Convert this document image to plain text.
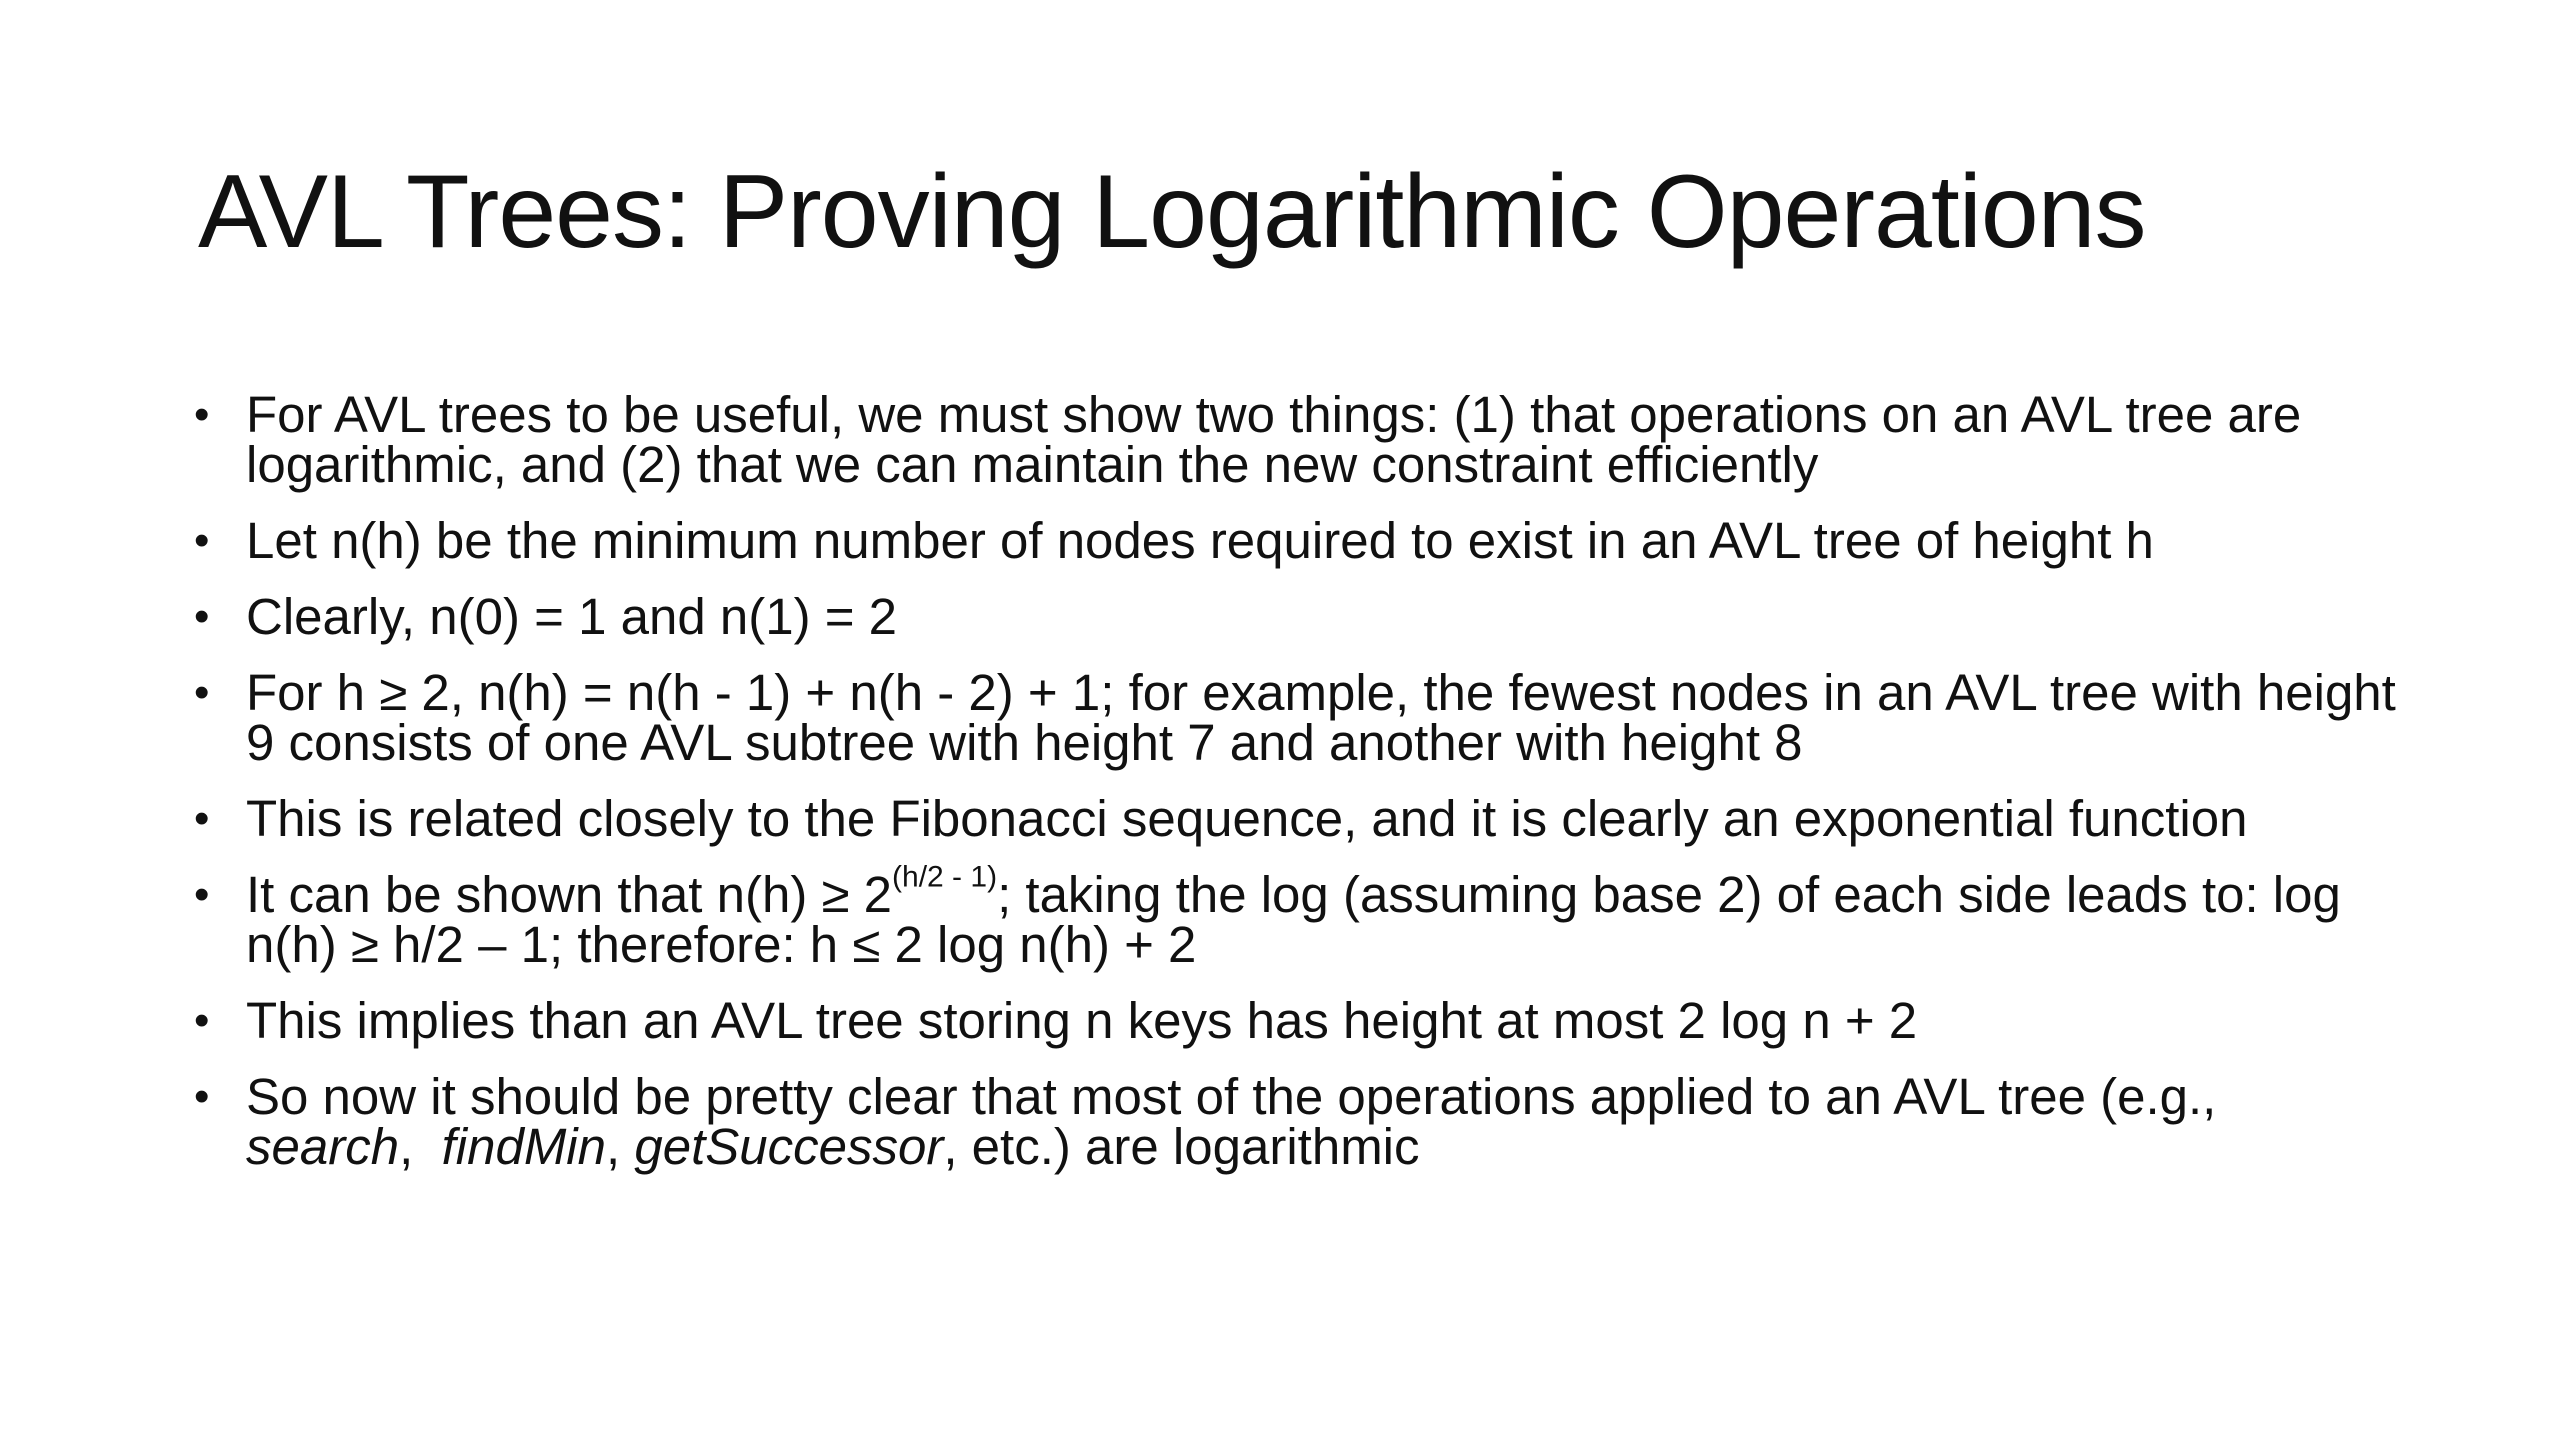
AVL Trees: Proving Logarithmic Operations
• For AVL trees to be useful, we must show two things: (1) that operations on an AVL tree are logarithmic, and (2) that we can maintain the new constraint efficiently
• Let n(h) be the minimum number of nodes required to exist in an AVL tree of height h
• Clearly, n(0) = 1 and n(1) = 2
• For h ≥ 2, n(h) = n(h - 1) + n(h - 2) + 1; for example, the fewest nodes in an AVL tree with height 9 consists of one AVL subtree with height 7 and another with height 8
• This is related closely to the Fibonacci sequence, and it is clearly an exponential function
• It can be shown that $n(h) \ge 2^{(h/2 - 1)}$; taking the log (assuming base 2) of each side leads to: log n(h) ≥ h/2 – 1; therefore: h ≤ 2 log n(h) + 2
• This implies than an AVL tree storing n keys has height at most 2 log n + 2
• So now it should be pretty clear that most of the operations applied to an AVL tree (e.g., search,  findMin, getSuccessor, etc.) are logarithmic
